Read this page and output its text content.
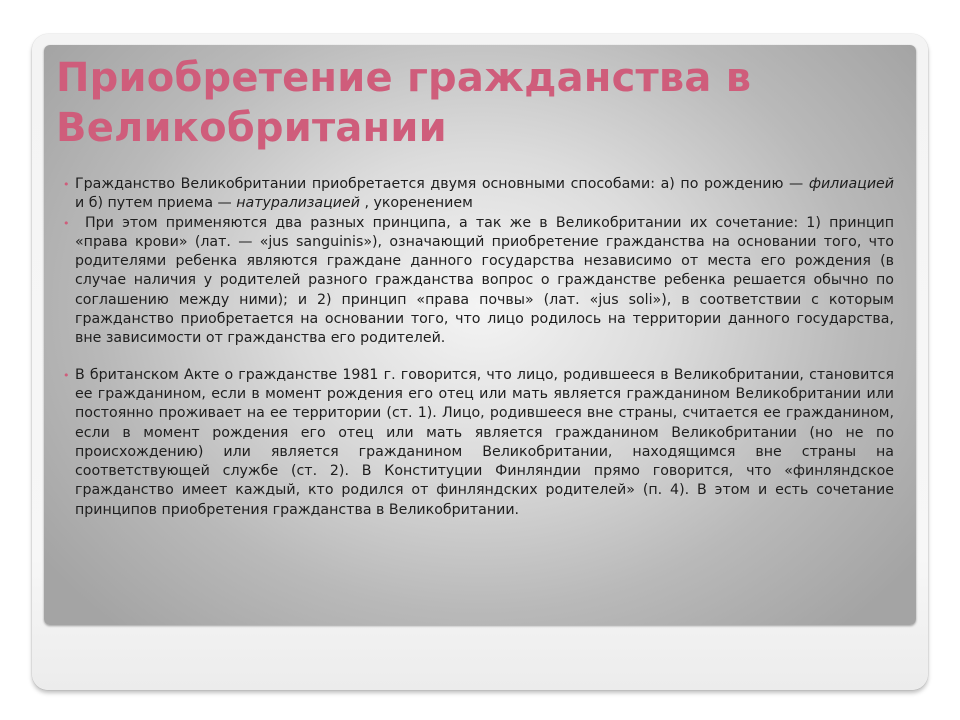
Приобретение гражданства в Великобритании
• Гражданство Великобритании приобретается двумя основными способами: а) по рождению — филиацией и б) путем приема — натурализацией , укоренением
• При этом применяются два разных принципа, а так же в Великобритании их сочетание: 1) принцип «права крови» (лат. — «jus sanguinis»), означающий приобретение гражданства на основании того, что родителями ребенка являются граждане данного государства независимо от места его рождения (в случае наличия у родителей разного гражданства вопрос о гражданстве ребенка решается обычно по соглашению между ними); и 2) принцип «права почвы» (лат. «jus soli»), в соответствии с которым гражданство приобретается на основании того, что лицо родилось на территории данного государства, вне зависимости от гражданства его родителей.
• В британском Акте о гражданстве 1981 г. говорится, что лицо, родившееся в Великобритании, становится ее гражданином, если в момент рождения его отец или мать является гражданином Великобритании или постоянно проживает на ее территории (ст. 1). Лицо, родившееся вне страны, считается ее гражданином, если в момент рождения его отец или мать является гражданином Великобритании (но не по происхождению) или является гражданином Великобритании, находящимся вне страны на соответствующей службе (ст. 2). В Конституции Финляндии прямо говорится, что «финляндское гражданство имеет каждый, кто родился от финляндских родителей» (п. 4). В этом и есть сочетание принципов приобретения гражданства в Великобритании.
